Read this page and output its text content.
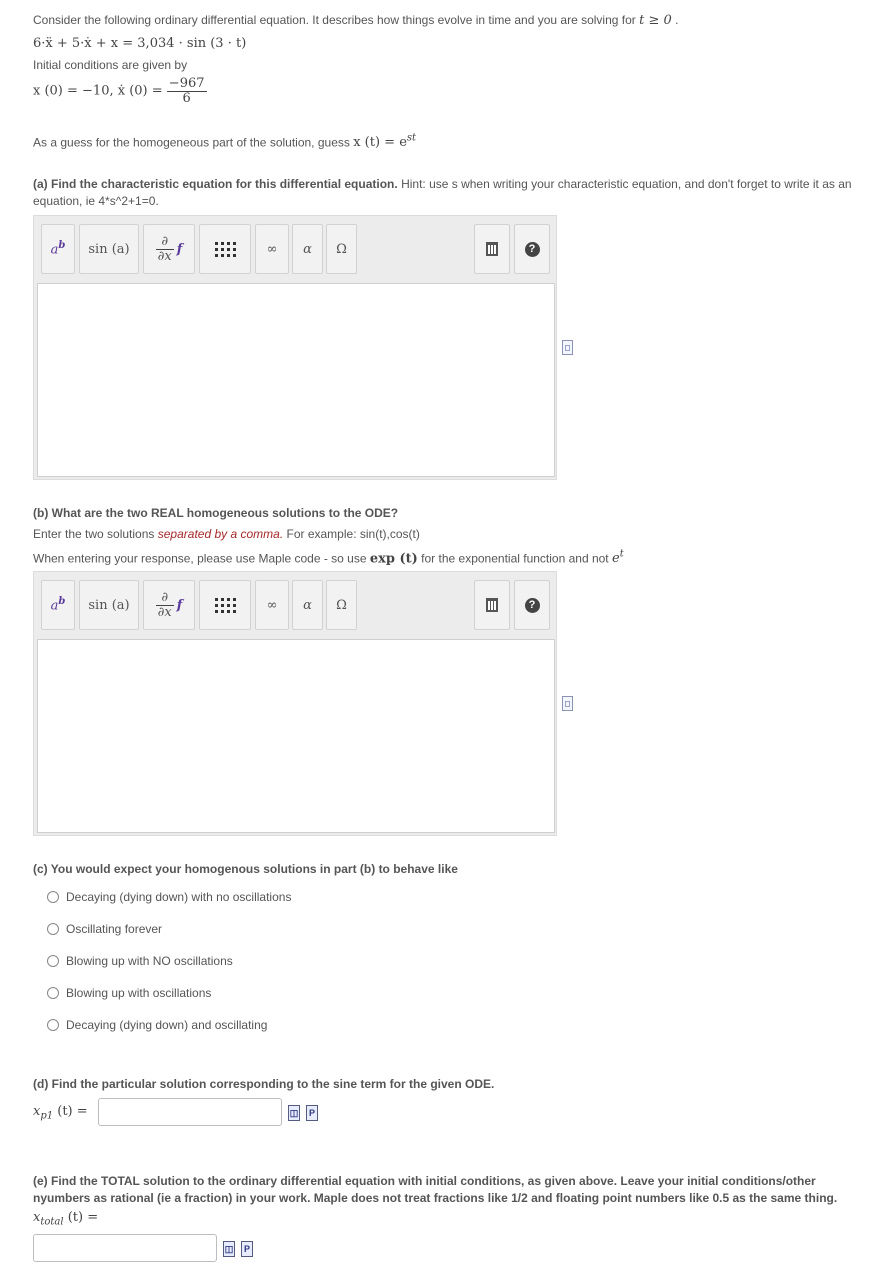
Consider the following ordinary differential equation. It describes how things evolve in time and you are solving for t ≥ 0 .
6·ẍ + 5·ẋ + x = 3,034 · sin (3 · t)
Initial conditions are given by
x (0) = −10, ẋ $(0) = \frac{-967}{6}$
As a guess for the homogeneous part of the solution, guess x $(t) = e^{st}$
(a) Find the characteristic equation for this differential equation. Hint: use s when writing your characteristic equation, and don't forget to write it as an
equation, ie 4*s^2+1=0.
$a^b$ $\sin (a) \frac{\partial}{\partial x}$ f	∞ α Ω	?
(b) What are the two REAL homogeneous solutions to the ODE?
Enter the two solutions separated by a comma. For example: sin(t),cos(t)
When entering your response, please use Maple code - so use exp (t) for the exponential function and not $e^t$
$a^b$ $\sin (a) \frac{\partial}{\partial x}$ f	∞ α Ω	?
(c) You would expect your homogenous solutions in part (b) to behave like
Decaying (dying down) with no oscillations
Oscillating forever
Blowing up with NO oscillations
Blowing up with oscillations
Decaying (dying down) and oscillating
(d) Find the particular solution corresponding to the sine term for the given ODE.
$x_{p1}$ (t) =	◫	P
(e) Find the TOTAL solution to the ordinary differential equation with initial conditions, as given above. Leave your initial conditions/other
nyumbers as rational (ie a fraction) in your work. Maple does not treat fractions like 1/2 and floating point numbers like 0.5 as the same thing.
$x_{total}$ (t) =
◫	P
